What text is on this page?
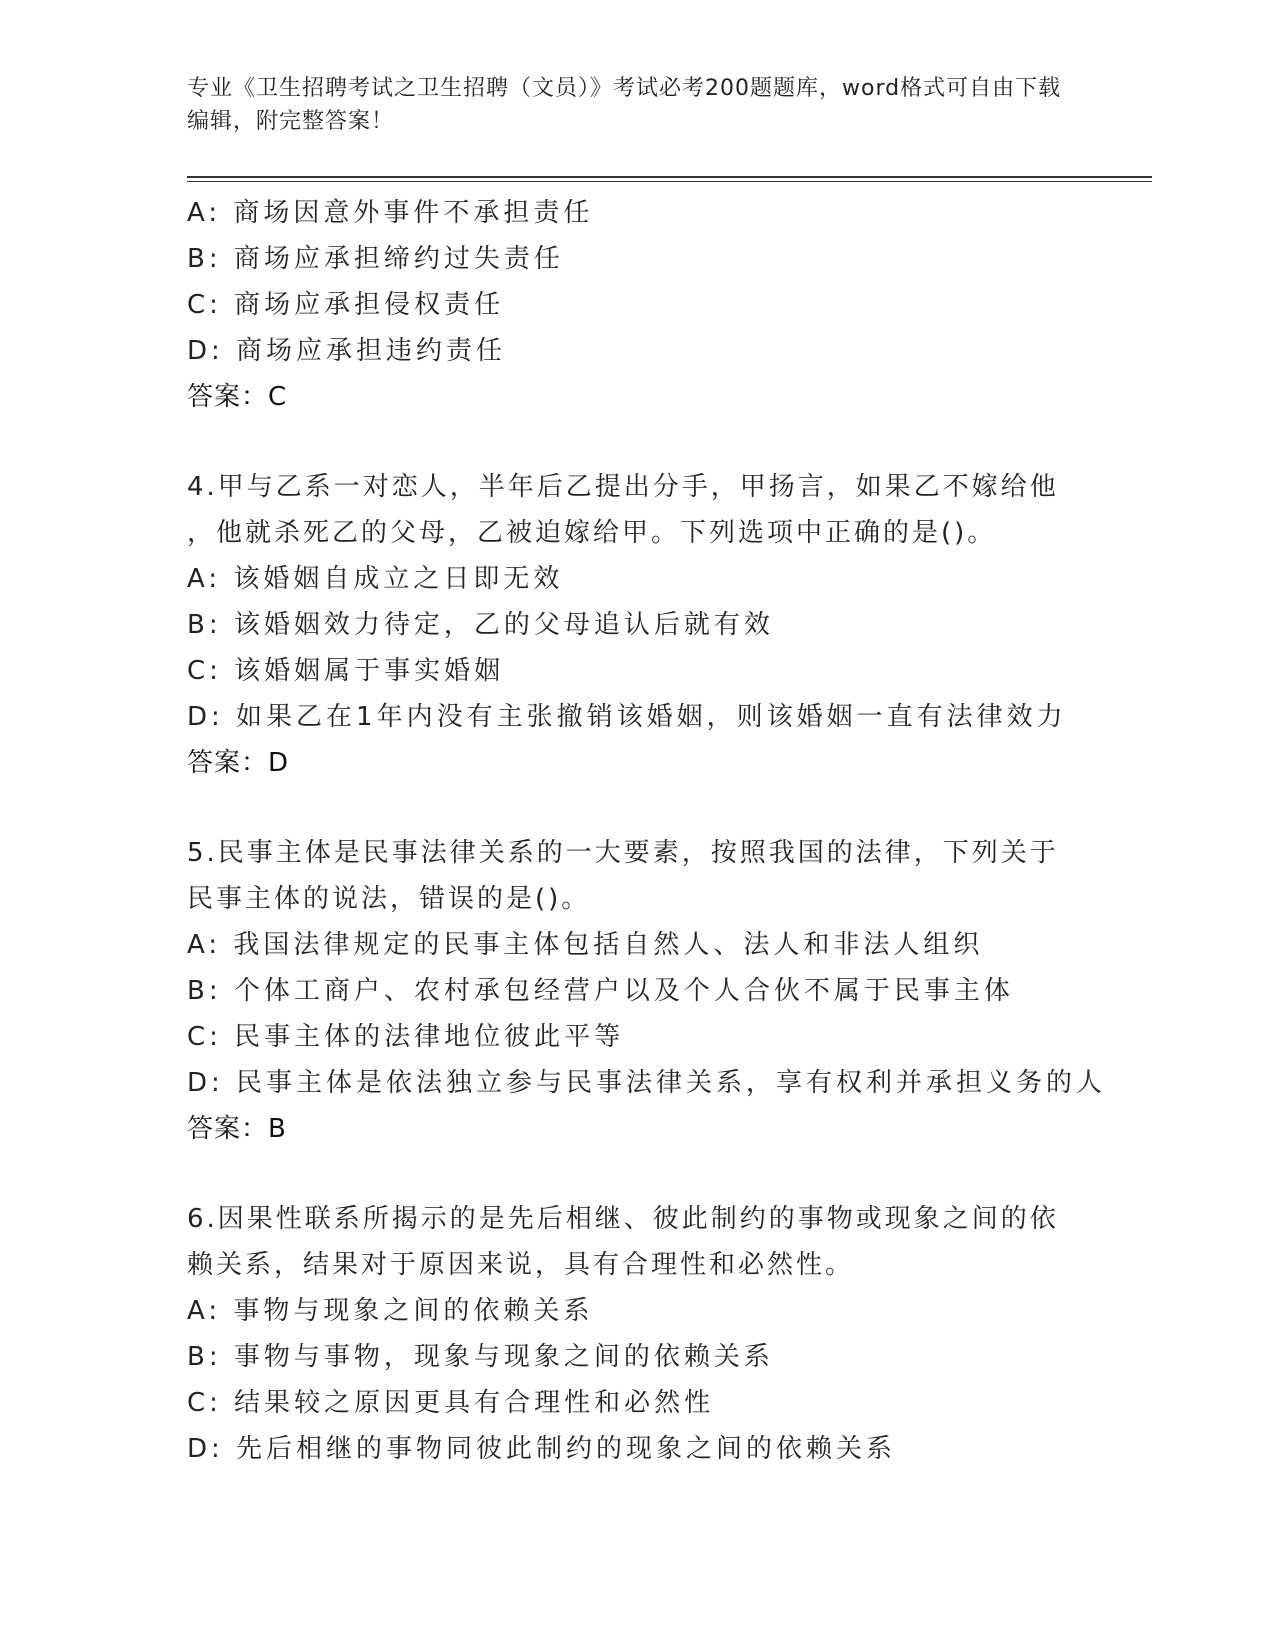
专业《卫生招聘考试之卫生招聘（文员）》考试必考200题题库，word格式可自由下载编辑，附完整答案！
A: 商场因意外事件不承担责任
B: 商场应承担缔约过失责任
C: 商场应承担侵权责任
D: 商场应承担违约责任
答案：C
4.甲与乙系一对恋人，半年后乙提出分手，甲扬言，如果乙不嫁给他
，他就杀死乙的父母，乙被迫嫁给甲。下列选项中正确的是()。
A: 该婚姻自成立之日即无效
B: 该婚姻效力待定，乙的父母追认后就有效
C: 该婚姻属于事实婚姻
D: 如果乙在1年内没有主张撤销该婚姻，则该婚姻一直有法律效力
答案：D
5.民事主体是民事法律关系的一大要素，按照我国的法律，下列关于
民事主体的说法，错误的是()。
A: 我国法律规定的民事主体包括自然人、法人和非法人组织
B: 个体工商户、农村承包经营户以及个人合伙不属于民事主体
C: 民事主体的法律地位彼此平等
D: 民事主体是依法独立参与民事法律关系，享有权利并承担义务的人
答案：B
6.因果性联系所揭示的是先后相继、彼此制约的事物或现象之间的依
赖关系，结果对于原因来说，具有合理性和必然性。
A: 事物与现象之间的依赖关系
B: 事物与事物，现象与现象之间的依赖关系
C: 结果较之原因更具有合理性和必然性
D: 先后相继的事物同彼此制约的现象之间的依赖关系
